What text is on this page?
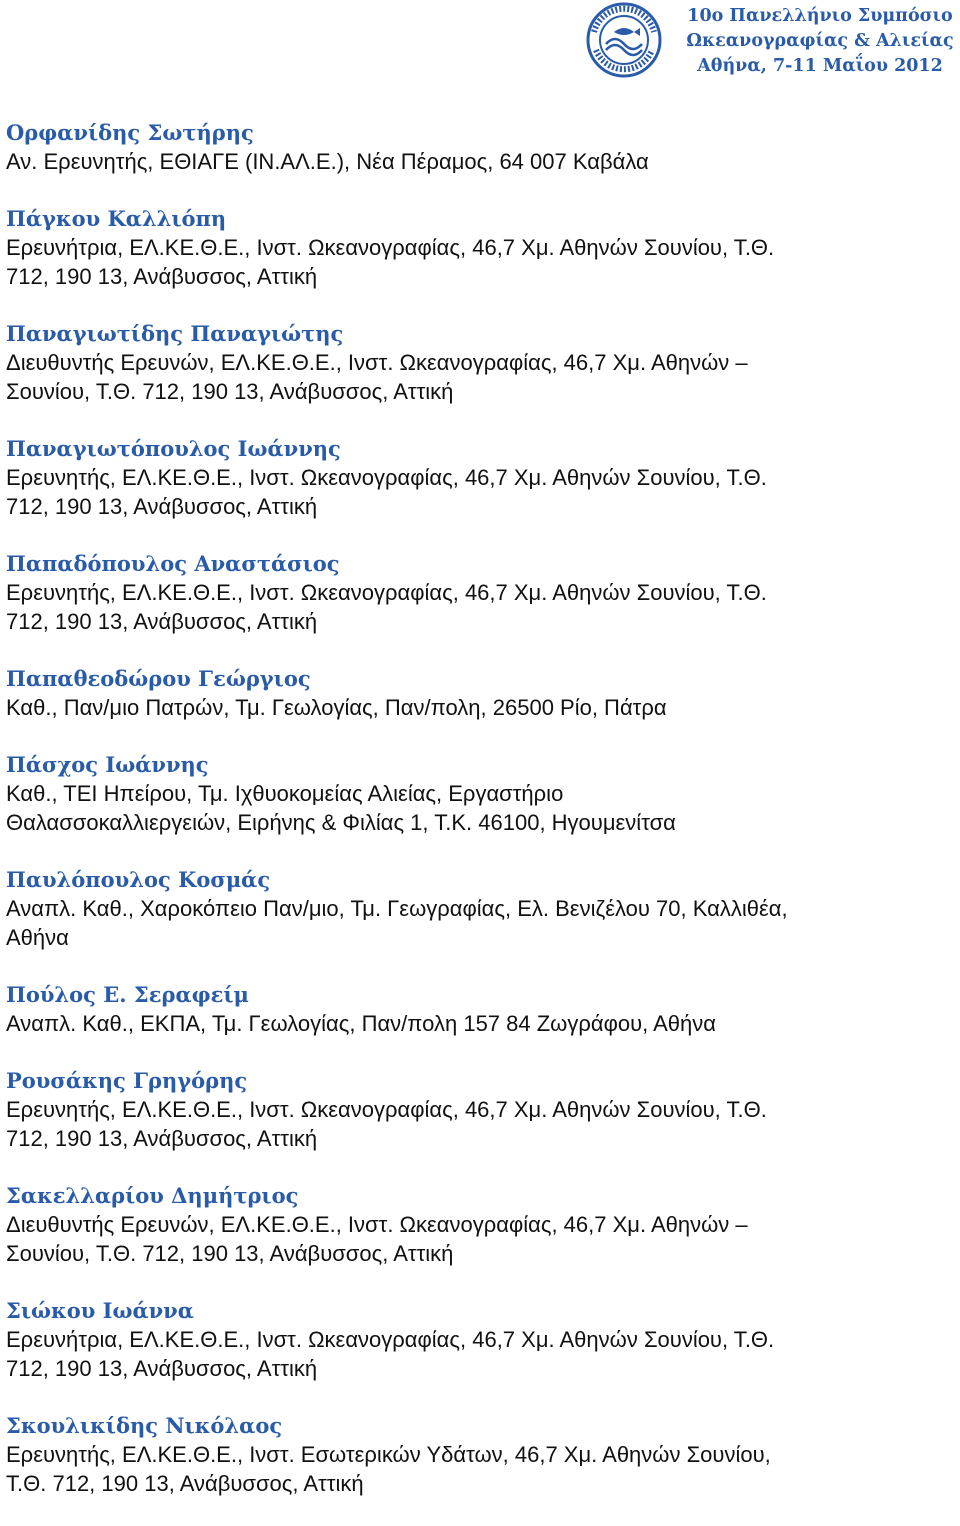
10ο Πανελλήνιο Συμπόσιο
Ωκεανογραφίας & Αλιείας
Αθήνα, 7-11 Μαΐου 2012
Ορφανίδης Σωτήρης
Αν. Ερευνητής, ΕΘΙΑΓΕ (ΙΝ.ΑΛ.Ε.), Νέα Πέραμος, 64 007 Καβάλα
Πάγκου Καλλιόπη
Ερευνήτρια, ΕΛ.ΚΕ.Θ.Ε., Ινστ. Ωκεανογραφίας, 46,7 Χμ. Αθηνών Σουνίου, Τ.Θ.
712, 190 13, Ανάβυσσος, Αττική
Παναγιωτίδης Παναγιώτης
Διευθυντής Ερευνών, ΕΛ.ΚΕ.Θ.Ε., Ινστ. Ωκεανογραφίας, 46,7 Χμ. Αθηνών –
Σουνίου, Τ.Θ. 712, 190 13, Ανάβυσσος, Αττική
Παναγιωτόπουλος Ιωάννης
Ερευνητής, ΕΛ.ΚΕ.Θ.Ε., Ινστ. Ωκεανογραφίας, 46,7 Χμ. Αθηνών Σουνίου, Τ.Θ.
712, 190 13, Ανάβυσσος, Αττική
Παπαδόπουλος Αναστάσιος
Ερευνητής, ΕΛ.ΚΕ.Θ.Ε., Ινστ. Ωκεανογραφίας, 46,7 Χμ. Αθηνών Σουνίου, Τ.Θ.
712, 190 13, Ανάβυσσος, Αττική
Παπαθεοδώρου Γεώργιος
Καθ., Παν/μιο Πατρών, Τμ. Γεωλογίας, Παν/πολη, 26500 Ρίο, Πάτρα
Πάσχος Ιωάννης
Καθ., ΤΕΙ Ηπείρου, Τμ. Ιχθυοκομείας Αλιείας, Εργαστήριο
Θαλασσοκαλλιεργειών, Ειρήνης & Φιλίας 1, Τ.Κ. 46100, Ηγουμενίτσα
Παυλόπουλος Κοσμάς
Αναπλ. Καθ., Χαροκόπειο Παν/μιο, Τμ. Γεωγραφίας, Ελ. Βενιζέλου 70, Καλλιθέα,
Αθήνα
Πούλος Ε. Σεραφείμ
Αναπλ. Καθ., ΕΚΠΑ, Τμ. Γεωλογίας, Παν/πολη 157 84 Ζωγράφου, Αθήνα
Ρουσάκης Γρηγόρης
Ερευνητής, ΕΛ.ΚΕ.Θ.Ε., Ινστ. Ωκεανογραφίας, 46,7 Χμ. Αθηνών Σουνίου, Τ.Θ.
712, 190 13, Ανάβυσσος, Αττική
Σακελλαρίου Δημήτριος
Διευθυντής Ερευνών, ΕΛ.ΚΕ.Θ.Ε., Ινστ. Ωκεανογραφίας, 46,7 Χμ. Αθηνών –
Σουνίου, Τ.Θ. 712, 190 13, Ανάβυσσος, Αττική
Σιώκου Ιωάννα
Ερευνήτρια, ΕΛ.ΚΕ.Θ.Ε., Ινστ. Ωκεανογραφίας, 46,7 Χμ. Αθηνών Σουνίου, Τ.Θ.
712, 190 13, Ανάβυσσος, Αττική
Σκουλικίδης Νικόλαος
Ερευνητής, ΕΛ.ΚΕ.Θ.Ε., Ινστ. Εσωτερικών Υδάτων, 46,7 Χμ. Αθηνών Σουνίου,
Τ.Θ. 712, 190 13, Ανάβυσσος, Αττική
